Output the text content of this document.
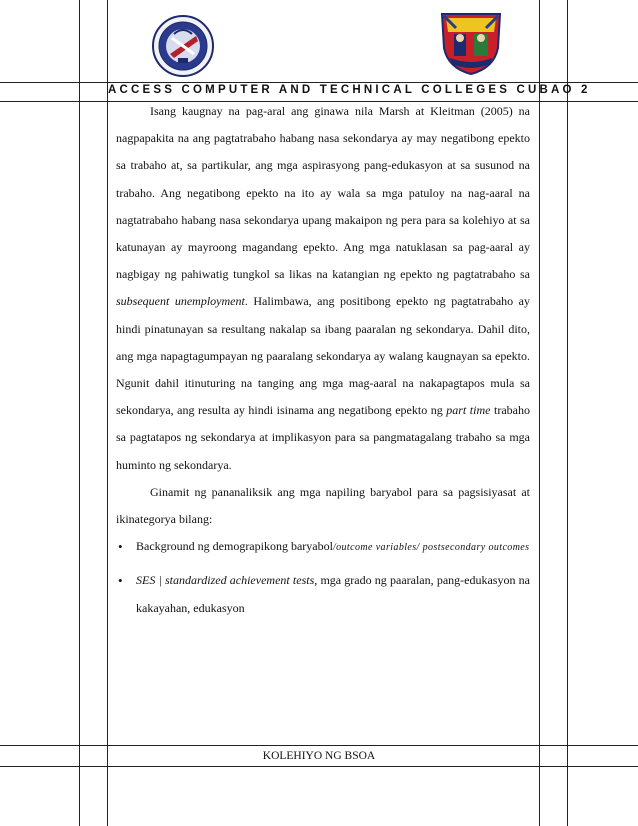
ACCESS COMPUTER AND TECHNICAL COLLEGES CUBAO 2

Isang kaugnay na pag-aral ang ginawa nila Marsh at Kleitman (2005) na nagpapakita na ang pagtatrabaho habang nasa sekondarya ay may negatibong epekto sa trabaho at, sa partikular, ang mga aspirasyong pang-edukasyon at sa susunod na trabaho. Ang negatibong epekto na ito ay wala sa mga patuloy na nag-aaral na nagtatrabaho habang nasa sekondarya upang makaipon ng pera para sa kolehiyo at sa katunayan ay mayroong magandang epekto. Ang mga natuklasan sa pag-aaral ay nagbigay ng pahiwatig tungkol sa likas na katangian ng epekto ng pagtatrabaho sa subsequent unemployment. Halimbawa, ang positibong epekto ng pagtatrabaho ay hindi pinatunayan sa resultang nakalap sa ibang paaralan ng sekondarya. Dahil dito, ang mga napagtagumpayan ng paaralang sekondarya ay walang kaugnayan sa epekto. Ngunit dahil itinuturing na tanging ang mga mag-aaral na nakapagtapos mula sa sekondarya, ang resulta ay hindi isinama ang negatibong epekto ng part time trabaho sa pagtatapos ng sekondarya at implikasyon para sa pangmatagalang trabaho sa mga huminto ng sekondarya.

Ginamit ng pananaliksik ang mga napiling baryabol para sa pagsisiyasat at ikinategorya bilang:

• Background ng demograpikong baryabol/outcome variables/ postsecondary outcomes
• SES | standardized achievement tests, mga grado ng paaralan, pang-edukasyon na kakayahan, edukasyon
KOLEHIYO NG BSOA
